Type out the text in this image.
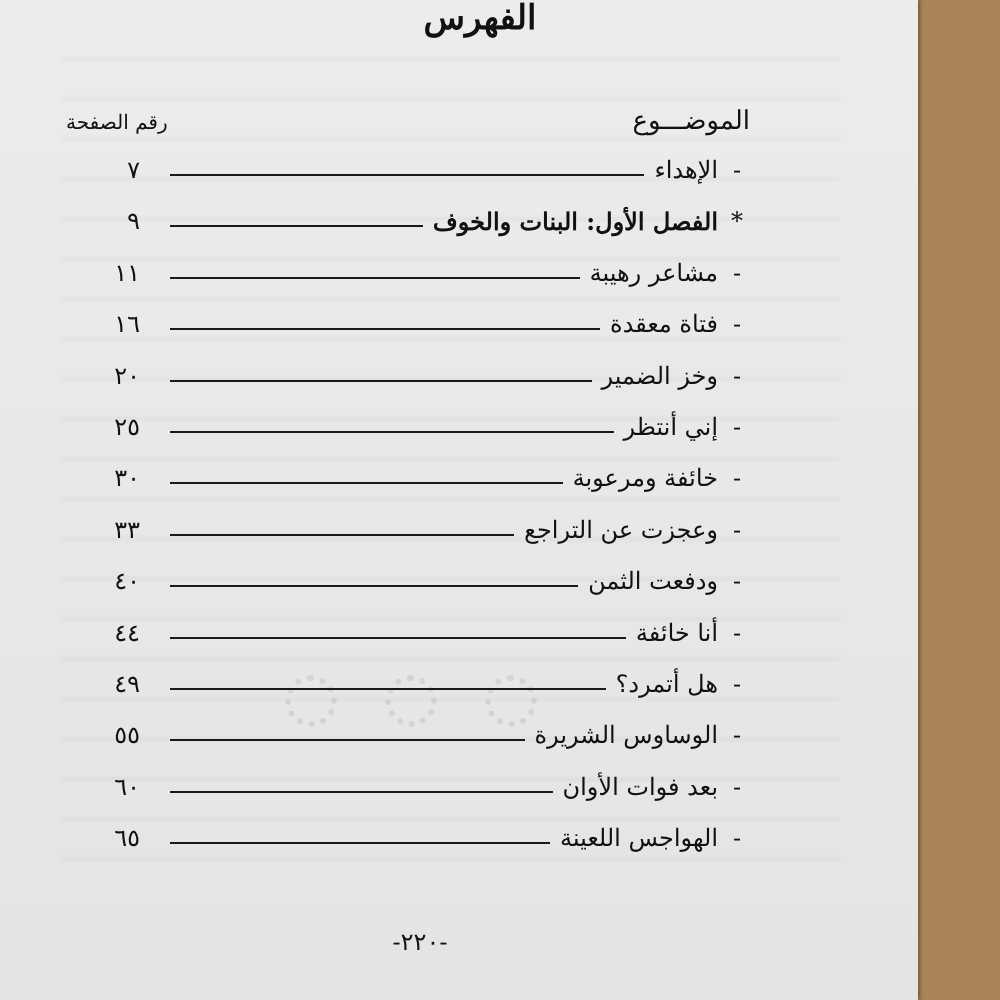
الفهرس
الموضـــوع
رقم الصفحة
-
الإهداء
٧
*
الفصل الأول: البنات والخوف
٩
-
مشاعر رهيبة
١١
-
فتاة معقدة
١٦
-
وخز الضمير
٢٠
-
إني أنتظر
٢٥
-
خائفة ومرعوبة
٣٠
-
وعجزت عن التراجع
٣٣
-
ودفعت الثمن
٤٠
-
أنا خائفة
٤٤
-
هل أتمرد؟
٤٩
-
الوساوس الشريرة
٥٥
-
بعد فوات الأوان
٦٠
-
الهواجس اللعينة
٦٥
-٢٢٠-
